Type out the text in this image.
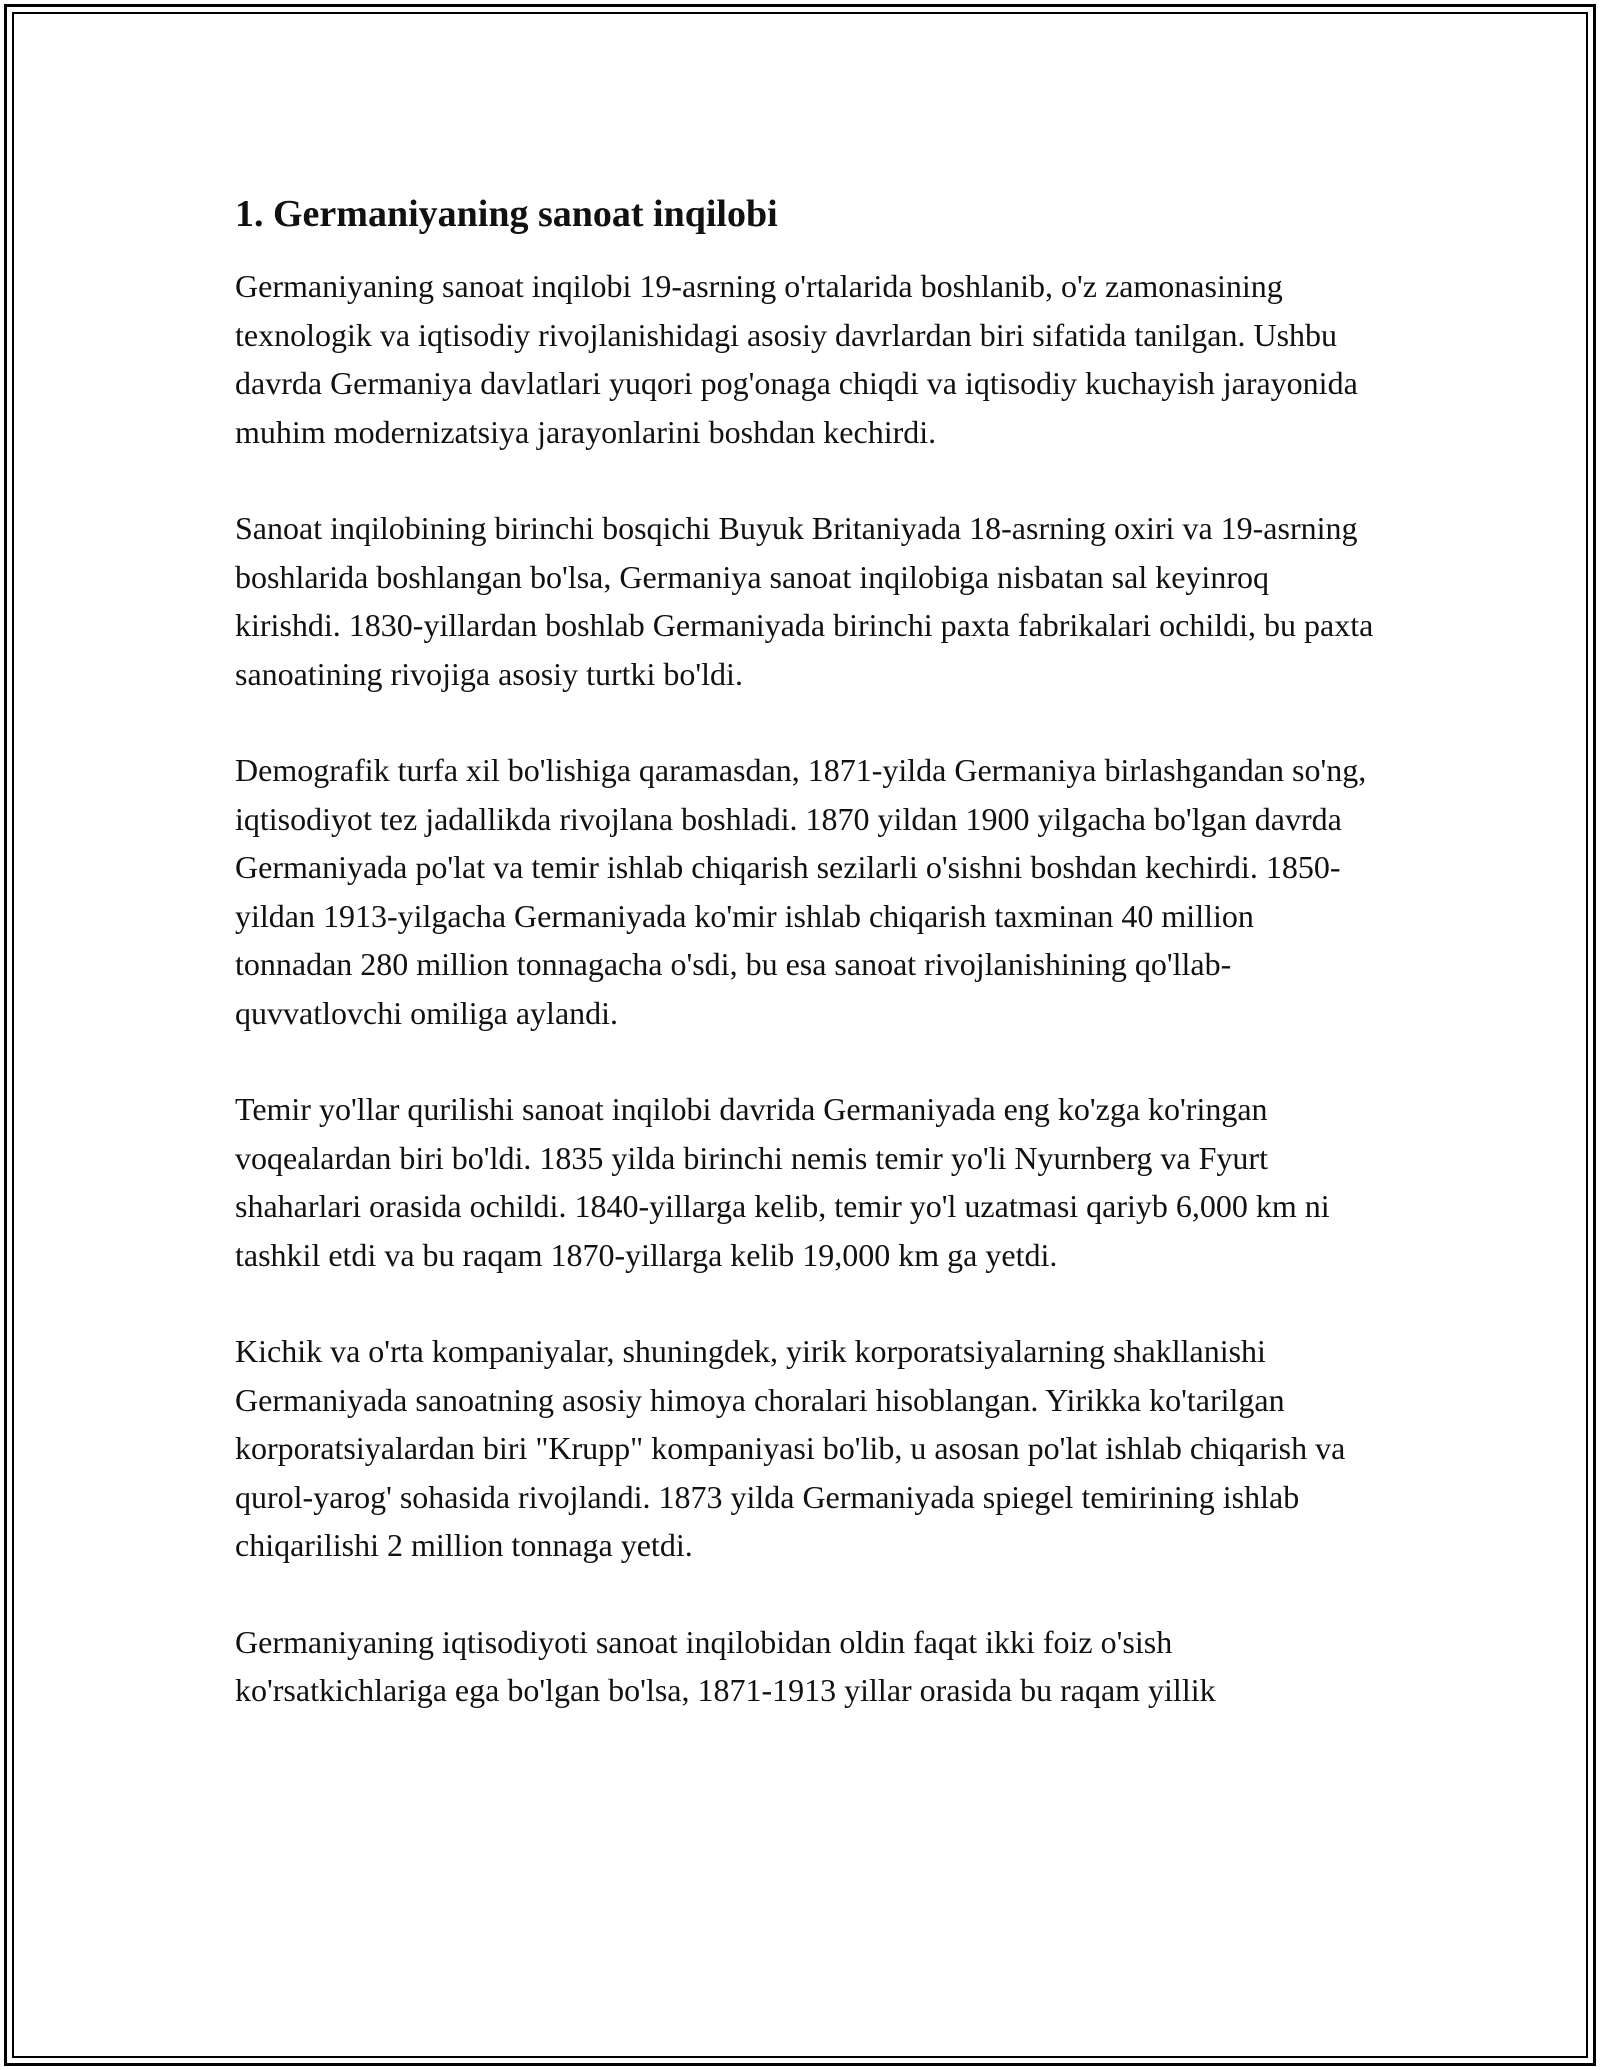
1. Germaniyaning sanoat inqilobi

Germaniyaning sanoat inqilobi 19-asrning o'rtalarida boshlanib, o'z zamonasining texnologik va iqtisodiy rivojlanishidagi asosiy davrlardan biri sifatida tanilgan. Ushbu davrda Germaniya davlatlari yuqori pog'onaga chiqdi va iqtisodiy kuchayish jarayonida muhim modernizatsiya jarayonlarini boshdan kechirdi.

Sanoat inqilobining birinchi bosqichi Buyuk Britaniyada 18-asrning oxiri va 19-asrning boshlarida boshlangan bo'lsa, Germaniya sanoat inqilobiga nisbatan sal keyinroq kirishdi. 1830-yillardan boshlab Germaniyada birinchi paxta fabrikalari ochildi, bu paxta sanoatining rivojiga asosiy turtki bo'ldi.

Demografik turfa xil bo'lishiga qaramasdan, 1871-yilda Germaniya birlashgandan so'ng, iqtisodiyot tez jadallikda rivojlana boshladi. 1870 yildan 1900 yilgacha bo'lgan davrda Germaniyada po'lat va temir ishlab chiqarish sezilarli o'sishni boshdan kechirdi. 1850-yildan 1913-yilgacha Germaniyada ko'mir ishlab chiqarish taxminan 40 million tonnadan 280 million tonnagacha o'sdi, bu esa sanoat rivojlanishining qo'llab-quvvatlovchi omiliga aylandi.

Temir yo'llar qurilishi sanoat inqilobi davrida Germaniyada eng ko'zga ko'ringan voqealardan biri bo'ldi. 1835 yilda birinchi nemis temir yo'li Nyurnberg va Fyurt shaharlari orasida ochildi. 1840-yillarga kelib, temir yo'l uzatmasi qariyb 6,000 km ni tashkil etdi va bu raqam 1870-yillarga kelib 19,000 km ga yetdi.

Kichik va o'rta kompaniyalar, shuningdek, yirik korporatsiyalarning shakllanishi Germaniyada sanoatning asosiy himoya choralari hisoblangan. Yirikka ko'tarilgan korporatsiyalardan biri "Krupp" kompaniyasi bo'lib, u asosan po'lat ishlab chiqarish va qurol-yarog' sohasida rivojlandi. 1873 yilda Germaniyada spiegel temirining ishlab chiqarilishi 2 million tonnaga yetdi.

Germaniyaning iqtisodiyoti sanoat inqilobidan oldin faqat ikki foiz o'sish ko'rsatkichlariga ega bo'lgan bo'lsa, 1871-1913 yillar orasida bu raqam yillik
